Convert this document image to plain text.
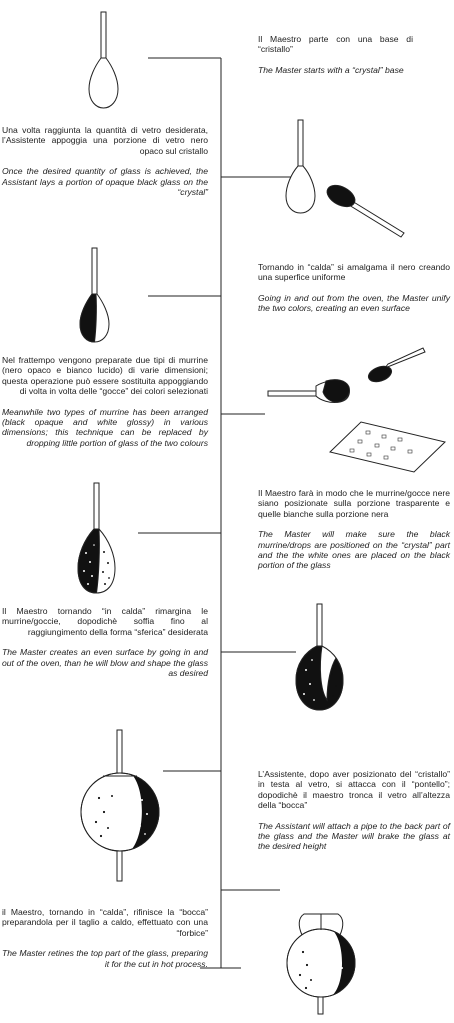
Il Maestro parte con una base di “cristallo”

The Master starts with a “crystal” base

Una volta raggiunta la quantità di vetro desiderata, l’Assistente appoggia una porzione di vetro nero opaco sul cristallo

Once the desired quantity of glass is achieved, the Assistant lays a portion of opaque black glass on the “crystal”

Tornando in “calda” si amalgama il nero creando una superfice uniforme

Going in and out from the oven, the Master unify the two colors, creating an even surface

Nel frattempo vengono preparate due tipi di murrine (nero opaco e bianco lucido) di varie dimensioni; questa operazione può essere sostituita appoggiando di volta in volta delle “gocce” dei colori selezionati

Meanwhile two types of murrine has been arranged (black opaque and white glossy) in various dimensions; this technique can be replaced by dropping little portion of glass of the two colours

Il Maestro farà in modo che le murrine/gocce nere siano posizionate sulla porzione trasparente e quelle bianche sulla porzione nera

The Master will make sure the black murrine/drops are positioned on the “crystal” part and the the white ones are placed on the black portion of the glass

Il Maestro tornando “in calda” rimargina le murrine/goccie, dopodichè soffia fino al raggiungimento della forma “sferica” desiderata

The Master creates an even surface by going in and out of the oven, than he will blow and shape the glass as desired

L’Assistente, dopo aver posizionato del “cristallo” in testa al vetro, si attacca con il “pontello”; dopodichè il maestro tronca il vetro all’altezza della “bocca”

The Assistant will attach a pipe to the back part of the glass and the Master will brake the glass at the desired height

il Maestro, tornando in “calda”, rifinisce la “bocca” preparandola per il taglio a caldo, effettuato con una “forbice”

The Master retines the top part of the glass, preparing it for the cut in hot process.
